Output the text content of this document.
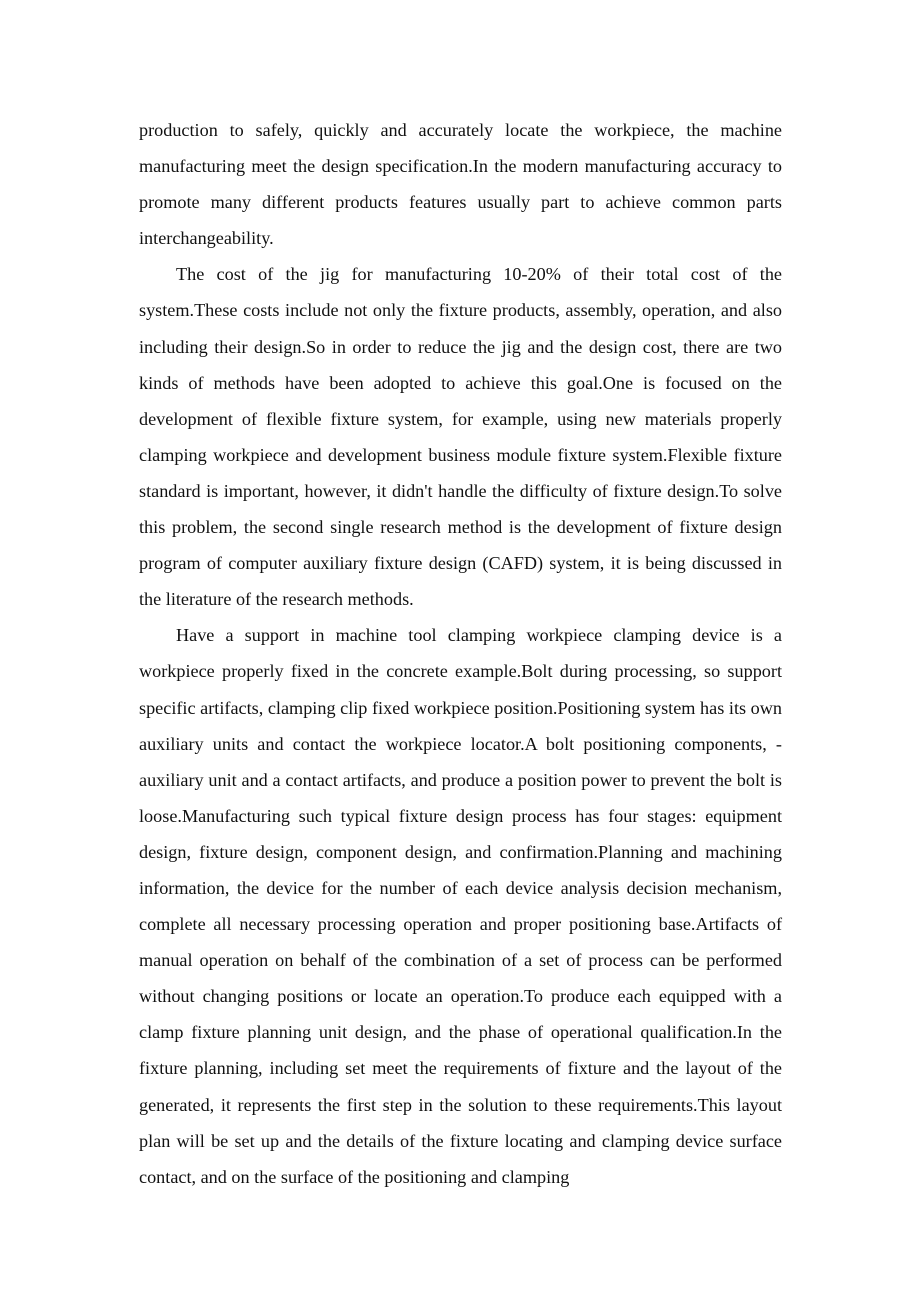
production to safely, quickly and accurately locate the workpiece, the machine manufacturing meet the design specification.In the modern manufacturing accuracy to promote many different products features usually part to achieve common parts interchangeability.

The cost of the jig for manufacturing 10-20% of their total cost of the system.These costs include not only the fixture products, assembly, operation, and also including their design.So in order to reduce the jig and the design cost, there are two kinds of methods have been adopted to achieve this goal.One is focused on the development of flexible fixture system, for example, using new materials properly clamping workpiece and development business module fixture system.Flexible fixture standard is important, however, it didn't handle the difficulty of fixture design.To solve this problem, the second single research method is the development of fixture design program of computer auxiliary fixture design (CAFD) system, it is being discussed in the literature of the research methods.

Have a support in machine tool clamping workpiece clamping device is a workpiece properly fixed in the concrete example.Bolt during processing, so support specific artifacts, clamping clip fixed workpiece position.Positioning system has its own auxiliary units and contact the workpiece locator.A bolt positioning components, - auxiliary unit and a contact artifacts, and produce a position power to prevent the bolt is loose.Manufacturing such typical fixture design process has four stages: equipment design, fixture design, component design, and confirmation.Planning and machining information, the device for the number of each device analysis decision mechanism, complete all necessary processing operation and proper positioning base.Artifacts of manual operation on behalf of the combination of a set of process can be performed without changing positions or locate an operation.To produce each equipped with a clamp fixture planning unit design, and the phase of operational qualification.In the fixture planning, including set meet the requirements of fixture and the layout of the generated, it represents the first step in the solution to these requirements.This layout plan will be set up and the details of the fixture locating and clamping device surface contact, and on the surface of the positioning and clamping
